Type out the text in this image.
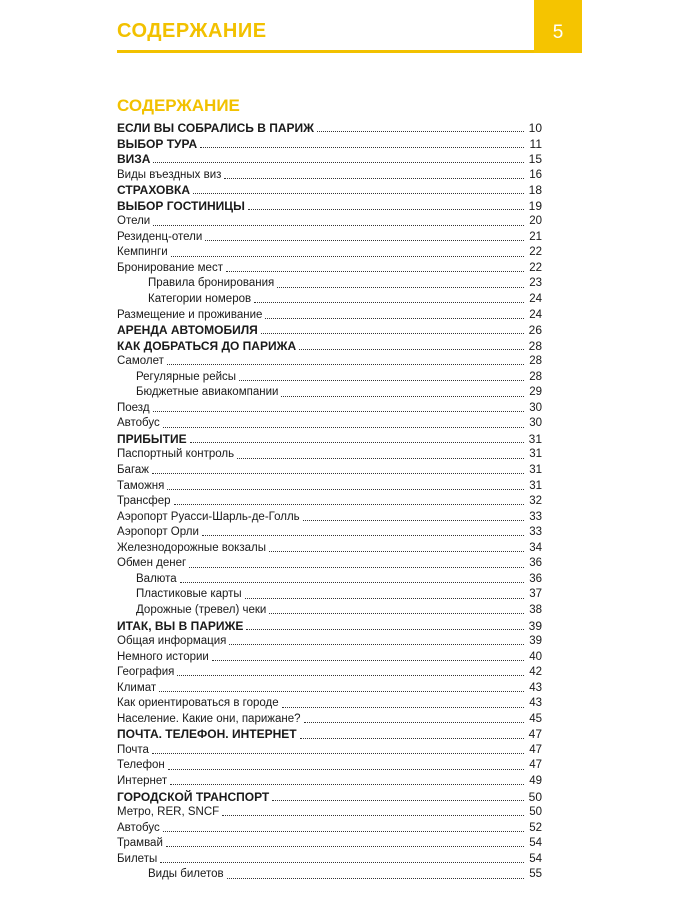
СОДЕРЖАНИЕ	5
СОДЕРЖАНИЕ
ЕСЛИ ВЫ СОБРАЛИСЬ В ПАРИЖ	10
ВЫБОР ТУРА	11
ВИЗА	15
Виды въездных виз	16
СТРАХОВКА	18
ВЫБОР ГОСТИНИЦЫ	19
Отели	20
Резиденц-отели	21
Кемпинги	22
Бронирование мест	22
Правила бронирования	23
Категории номеров	24
Размещение и проживание	24
АРЕНДА АВТОМОБИЛЯ	26
КАК ДОБРАТЬСЯ ДО ПАРИЖА	28
Самолет	28
Регулярные рейсы	28
Бюджетные авиакомпании	29
Поезд	30
Автобус	30
ПРИБЫТИЕ	31
Паспортный контроль	31
Багаж	31
Таможня	31
Трансфер	32
Аэропорт Руасси-Шарль-де-Голль	33
Аэропорт Орли	33
Железнодорожные вокзалы	34
Обмен денег	36
Валюта	36
Пластиковые карты	37
Дорожные (тревел) чеки	38
ИТАК, ВЫ В ПАРИЖЕ	39
Общая информация	39
Немного истории	40
География	42
Климат	43
Как ориентироваться в городе	43
Население. Какие они, парижане?	45
ПОЧТА. ТЕЛЕФОН. ИНТЕРНЕТ	47
Почта	47
Телефон	47
Интернет	49
ГОРОДСКОЙ ТРАНСПОРТ	50
Метро, RER, SNCF	50
Автобус	52
Трамвай	54
Билеты	54
Виды билетов	55
